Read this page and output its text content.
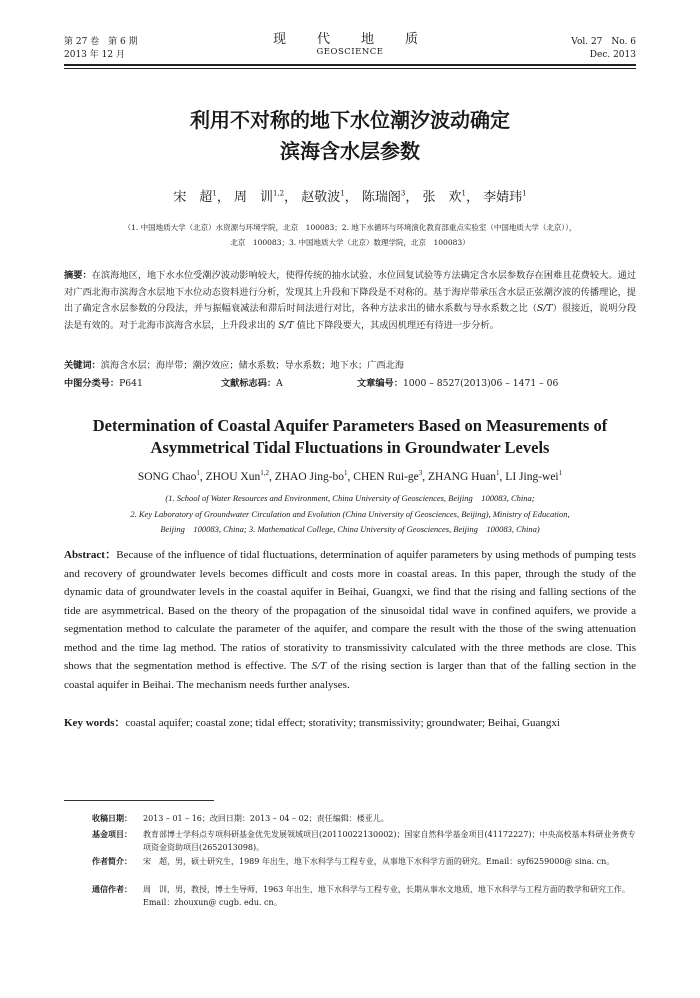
第 27 卷　第 6 期
2013 年 12 月
现　代　地　质
GEOSCIENCE
Vol. 27　No. 6
Dec. 2013
利用不对称的地下水位潮汐波动确定
滨海含水层参数
宋　超$^1$， 周　训$^{1,2}$， 赵敬波$^1$， 陈瑞阁$^3$， 张　欢$^1$， 李婧玮$^1$
（1. 中国地质大学（北京）水资源与环境学院，北京　100083；2. 地下水循环与环境演化教育部重点实验室（中国地质大学（北京）），
北京　100083；3. 中国地质大学（北京）数理学院，北京　100083）
摘要：在滨海地区，地下水水位受潮汐波动影响较大，使得传统的抽水试验、水位回复试验等方法确定含水层参数存在困难且花费较大。通过对广西北海市滨海含水层地下水位动态资料进行分析，发现其上升段和下降段是不对称的。基于海岸带承压含水层正弦潮汐波的传播理论，提出了确定含水层参数的分段法，并与振幅衰减法和滞后时间法进行对比，各种方法求出的储水系数与导水系数之比（S/T）很接近，说明分段法是有效的。对于北海市滨海含水层，上升段求出的 S/T 值比下降段要大，其成因机理还有待进一步分析。
关键词：滨海含水层；海岸带；潮汐效应；储水系数；导水系数；地下水；广西北海
中图分类号：P641	文献标志码：A	文章编号：1000 – 8527(2013)06 – 1471 – 06
Determination of Coastal Aquifer Parameters Based on Measurements of
Asymmetrical Tidal Fluctuations in Groundwater Levels
SONG Chao$^1$, ZHOU Xun$^{1,2}$, ZHAO Jing-$bo^1$, CHEN Rui-$ge^3$, ZHANG Huan$^1$, LI Jing-wei$^1$
(1. School of Water Resources and Environment, China University of Geosciences, Beijing　100083, China;
2. Key Laboratory of Groundwater Circulation and Evolution (China University of Geosciences, Beijing), Ministry of Education,
Beijing　100083, China; 3. Mathematical College, China University of Geosciences, Beijing　100083, China)
Abstract：Because of the influence of tidal fluctuations, determination of aquifer parameters by using methods of pumping tests and recovery of groundwater levels becomes difficult and costs more in coastal areas. In this paper, through the study of the dynamic data of groundwater levels in the coastal aquifer in Beihai, Guangxi, we find that the rising and falling sections of the tide are asymmetrical. Based on the theory of the propagation of the sinusoidal tidal wave in confined aquifers, we provide a segmentation method to calculate the parameter of the aquifer, and compare the result with the those of the swing attenuation method and the time lag method. The ratios of storativity to transmissivity calculated with the three methods are close. This shows that the segmentation method is effective. The S/T of the rising section is larger than that of the falling section in the coastal aquifer in Beihai. The mechanism needs further analyses.
Key words：coastal aquifer; coastal zone; tidal effect; storativity; transmissivity; groundwater; Beihai, Guangxi
收稿日期： 2013 – 01 – 16；改回日期：2013 – 04 – 02；责任编辑：楼亚儿。
基金项目： 教育部博士学科点专项科研基金优先发展领域项目(20110022130002)；国家自然科学基金项目(41172227)；中央高校基本科研业务费专项资金资助项目(2652013098)。
作者简介： 宋　超，男，硕士研究生，1989 年出生，地下水科学与工程专业，从事地下水科学方面的研究。Email：syf6259000@ sina. cn。
通信作者： 周　训，男，教授，博士生导师，1963 年出生，地下水科学与工程专业，长期从事水文地质、地下水科学与工程方面的教学和研究工作。Email：zhouxun@ cugb. edu. cn。
